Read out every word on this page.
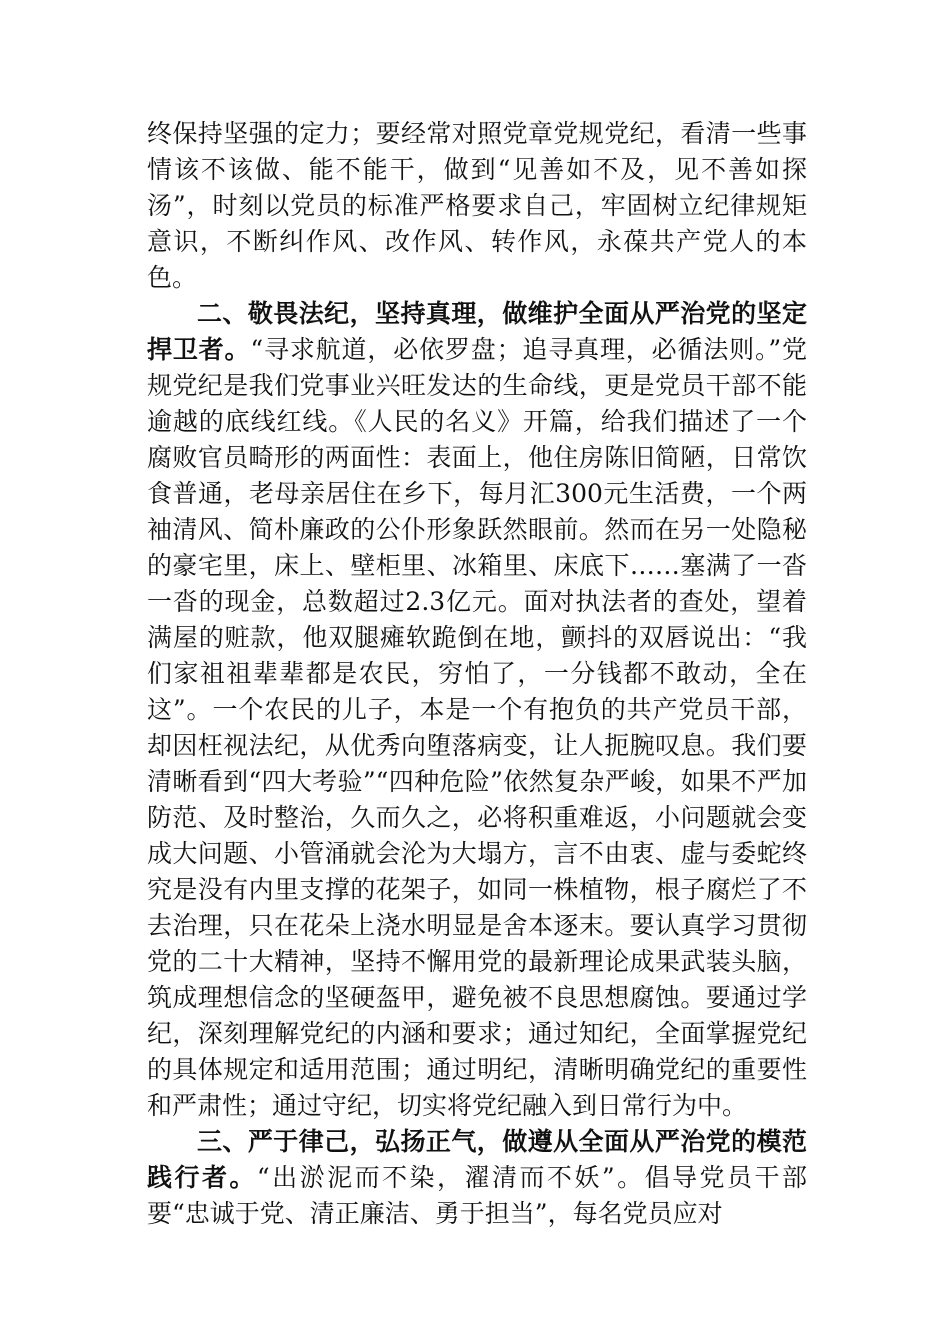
终保持坚强的定力；要经常对照党章党规党纪，看清一些事情该不该做、能不能干，做到“见善如不及，见不善如探汤”，时刻以党员的标准严格要求自己，牢固树立纪律规矩意识，不断纠作风、改作风、转作风，永葆共产党人的本色。

二、敬畏法纪，坚持真理，做维护全面从严治党的坚定捍卫者。“寻求航道，必依罗盘；追寻真理，必循法则。”党规党纪是我们党事业兴旺发达的生命线，更是党员干部不能逾越的底线红线。《人民的名义》开篇，给我们描述了一个腐败官员畸形的两面性：表面上，他住房陈旧简陋，日常饮食普通，老母亲居住在乡下，每月汇300元生活费，一个两袖清风、简朴廉政的公仆形象跃然眼前。然而在另一处隐秘的豪宅里，床上、壁柜里、冰箱里、床底下……塞满了一沓一沓的现金，总数超过2.3亿元。面对执法者的查处，望着满屋的赃款，他双腿瘫软跪倒在地，颤抖的双唇说出：“我们家祖祖辈辈都是农民，穷怕了，一分钱都不敢动，全在这”。一个农民的儿子，本是一个有抱负的共产党员干部，却因枉视法纪，从优秀向堕落病变，让人扼腕叹息。我们要清晰看到“四大考验”“四种危险”依然复杂严峻，如果不严加防范、及时整治，久而久之，必将积重难返，小问题就会变成大问题、小管涌就会沦为大塌方，言不由衷、虚与委蛇终究是没有内里支撑的花架子，如同一株植物，根子腐烂了不去治理，只在花朵上浇水明显是舍本逐末。要认真学习贯彻党的二十大精神，坚持不懈用党的最新理论成果武装头脑，筑成理想信念的坚硬盔甲，避免被不良思想腐蚀。要通过学纪，深刻理解党纪的内涵和要求；通过知纪，全面掌握党纪的具体规定和适用范围；通过明纪，清晰明确党纪的重要性和严肃性；通过守纪，切实将党纪融入到日常行为中。

三、严于律己，弘扬正气，做遵从全面从严治党的模范践行者。“出淤泥而不染，濯清而不妖”。倡导党员干部要“忠诚于党、清正廉洁、勇于担当”，每名党员应对
